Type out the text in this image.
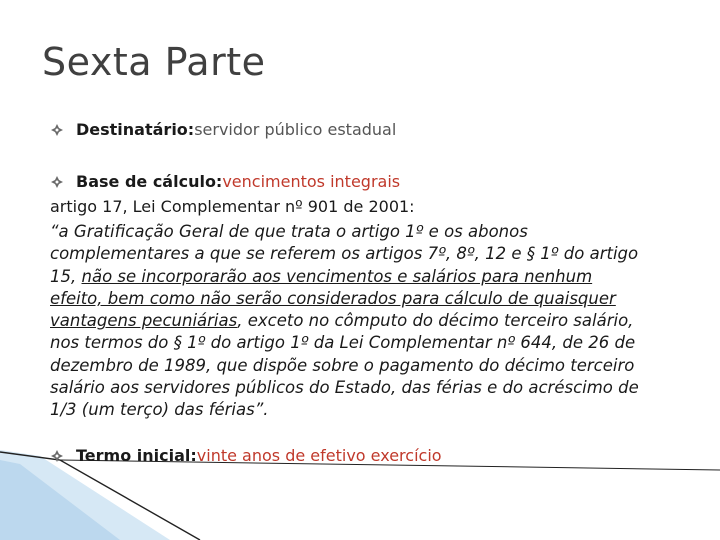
Sexta Parte
Destinatário: servidor público estadual
Base de cálculo: vencimentos integrais
artigo 17, Lei Complementar nº 901 de 2001:
“a Gratificação Geral de que trata o artigo 1º e os abonos
complementares a que se referem os artigos 7º, 8º, 12 e § 1º do artigo
15, não se incorporarão aos vencimentos e salários para nenhum
efeito, bem como não serão considerados para cálculo de quaisquer
vantagens pecuniárias, exceto no cômputo do décimo terceiro salário,
nos termos do § 1º do artigo 1º da Lei Complementar nº 644, de 26 de
dezembro de 1989, que dispõe sobre o pagamento do décimo terceiro
salário aos servidores públicos do Estado, das férias e do acréscimo de
1/3 (um terço) das férias”.
Termo inicial: vinte anos de efetivo exercício
